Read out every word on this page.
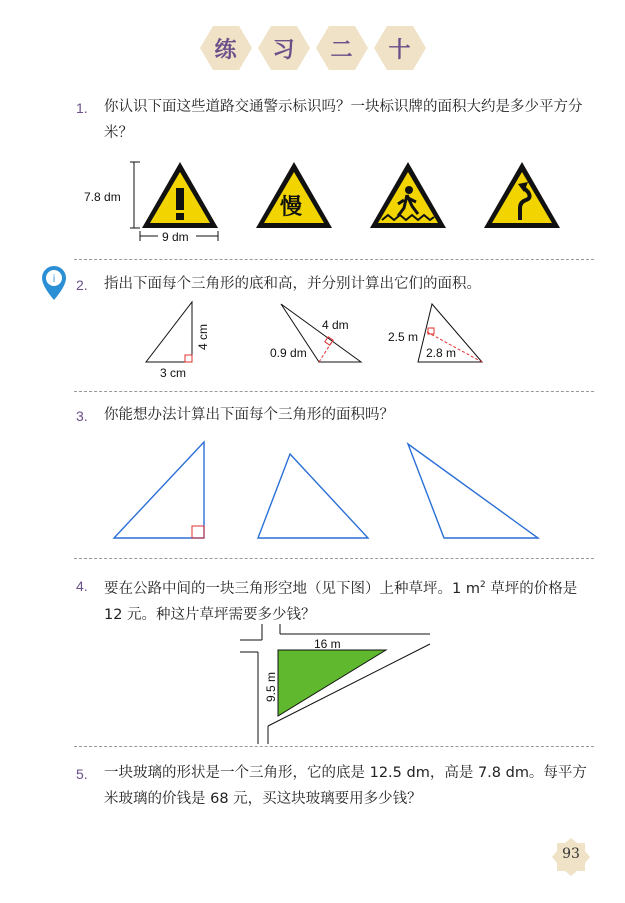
练 习 二 十
1. 你认识下面这些道路交通警示标识吗？一块标识牌的面积大约是多少平方分米？
7.8 dm
9 dm
慢
i 2. 指出下面每个三角形的底和高，并分别计算出它们的面积。
4 cm
3 cm
4 dm
0.9 dm
2.5 m
2.8 m
3. 你能想办法计算出下面每个三角形的面积吗？
4. 要在公路中间的一块三角形空地（见下图）上种草坪。1 $m^2$ 草坪的价格是 12 元。种这片草坪需要多少钱？
16 m
9.5 m
5. 一块玻璃的形状是一个三角形，它的底是 12.5 dm，高是 7.8 dm。每平方米玻璃的价钱是 68 元，买这块玻璃要用多少钱？
93
